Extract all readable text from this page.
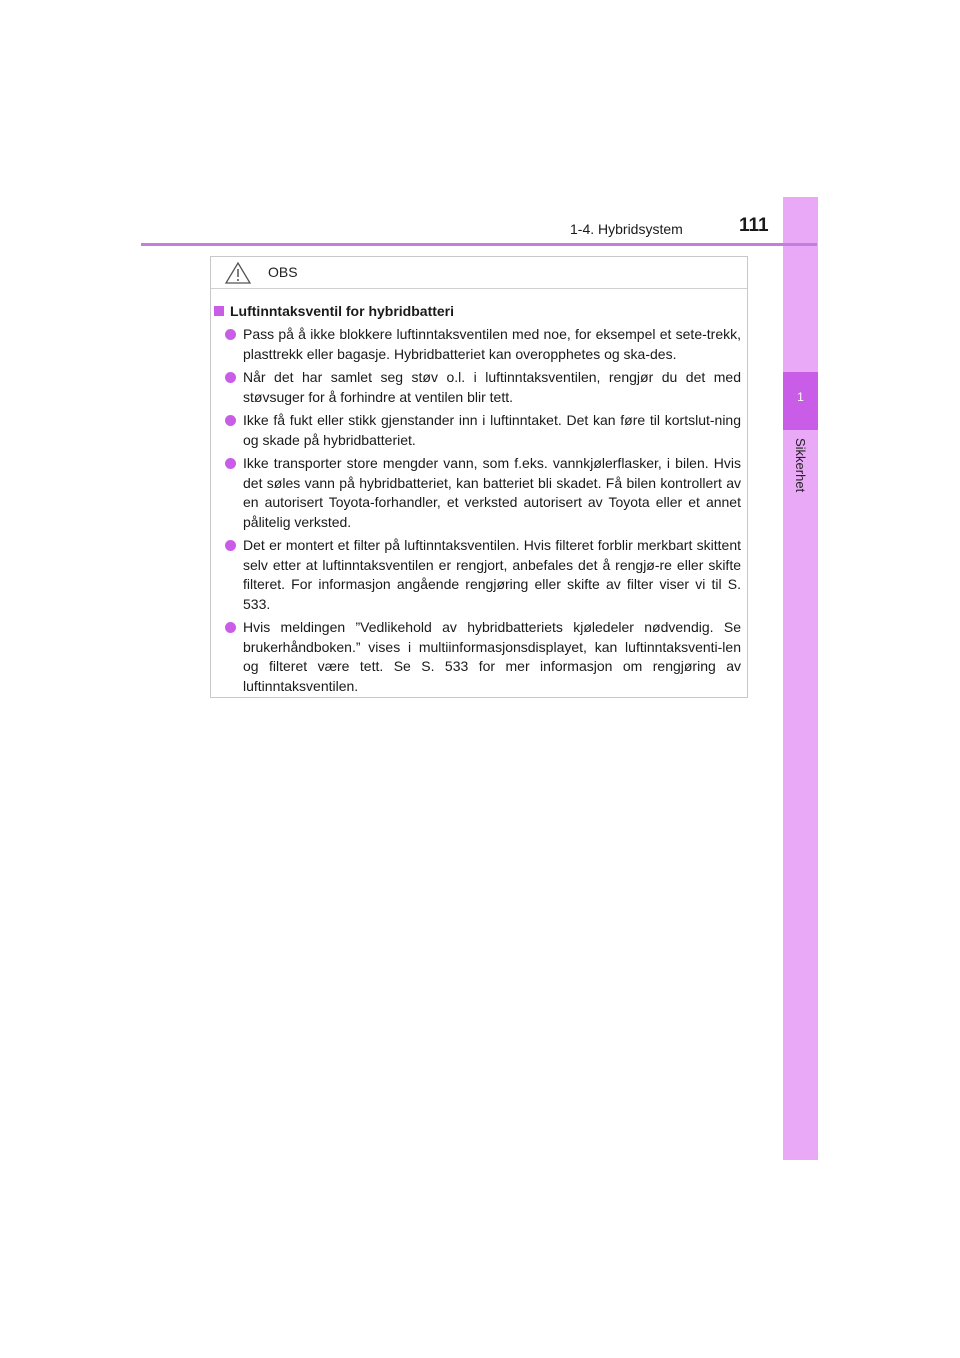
1
Sikkerhet
1-4. Hybridsystem	111
OBS
Luftinntaksventil for hybridbatteri
Pass på å ikke blokkere luftinntaksventilen med noe, for eksempel et sete-trekk, plasttrekk eller bagasje. Hybridbatteriet kan overopphetes og ska-des.
Når det har samlet seg støv o.l. i luftinntaksventilen, rengjør du det med støvsuger for å forhindre at ventilen blir tett.
Ikke få fukt eller stikk gjenstander inn i luftinntaket. Det kan føre til kortslut-ning og skade på hybridbatteriet.
Ikke transporter store mengder vann, som f.eks. vannkjølerflasker, i bilen. Hvis det søles vann på hybridbatteriet, kan batteriet bli skadet. Få bilen kontrollert av en autorisert Toyota-forhandler, et verksted autorisert av Toyota eller et annet pålitelig verksted.
Det er montert et filter på luftinntaksventilen. Hvis filteret forblir merkbart skittent selv etter at luftinntaksventilen er rengjort, anbefales det å rengjø-re eller skifte filteret. For informasjon angående rengjøring eller skifte av filter viser vi til S. 533.
Hvis meldingen ”Vedlikehold av hybridbatteriets kjøledeler nødvendig. Se brukerhåndboken.” vises i multiinformasjonsdisplayet, kan luftinntaksventi-len og filteret være tett. Se S. 533 for mer informasjon om rengjøring av luftinntaksventilen.
